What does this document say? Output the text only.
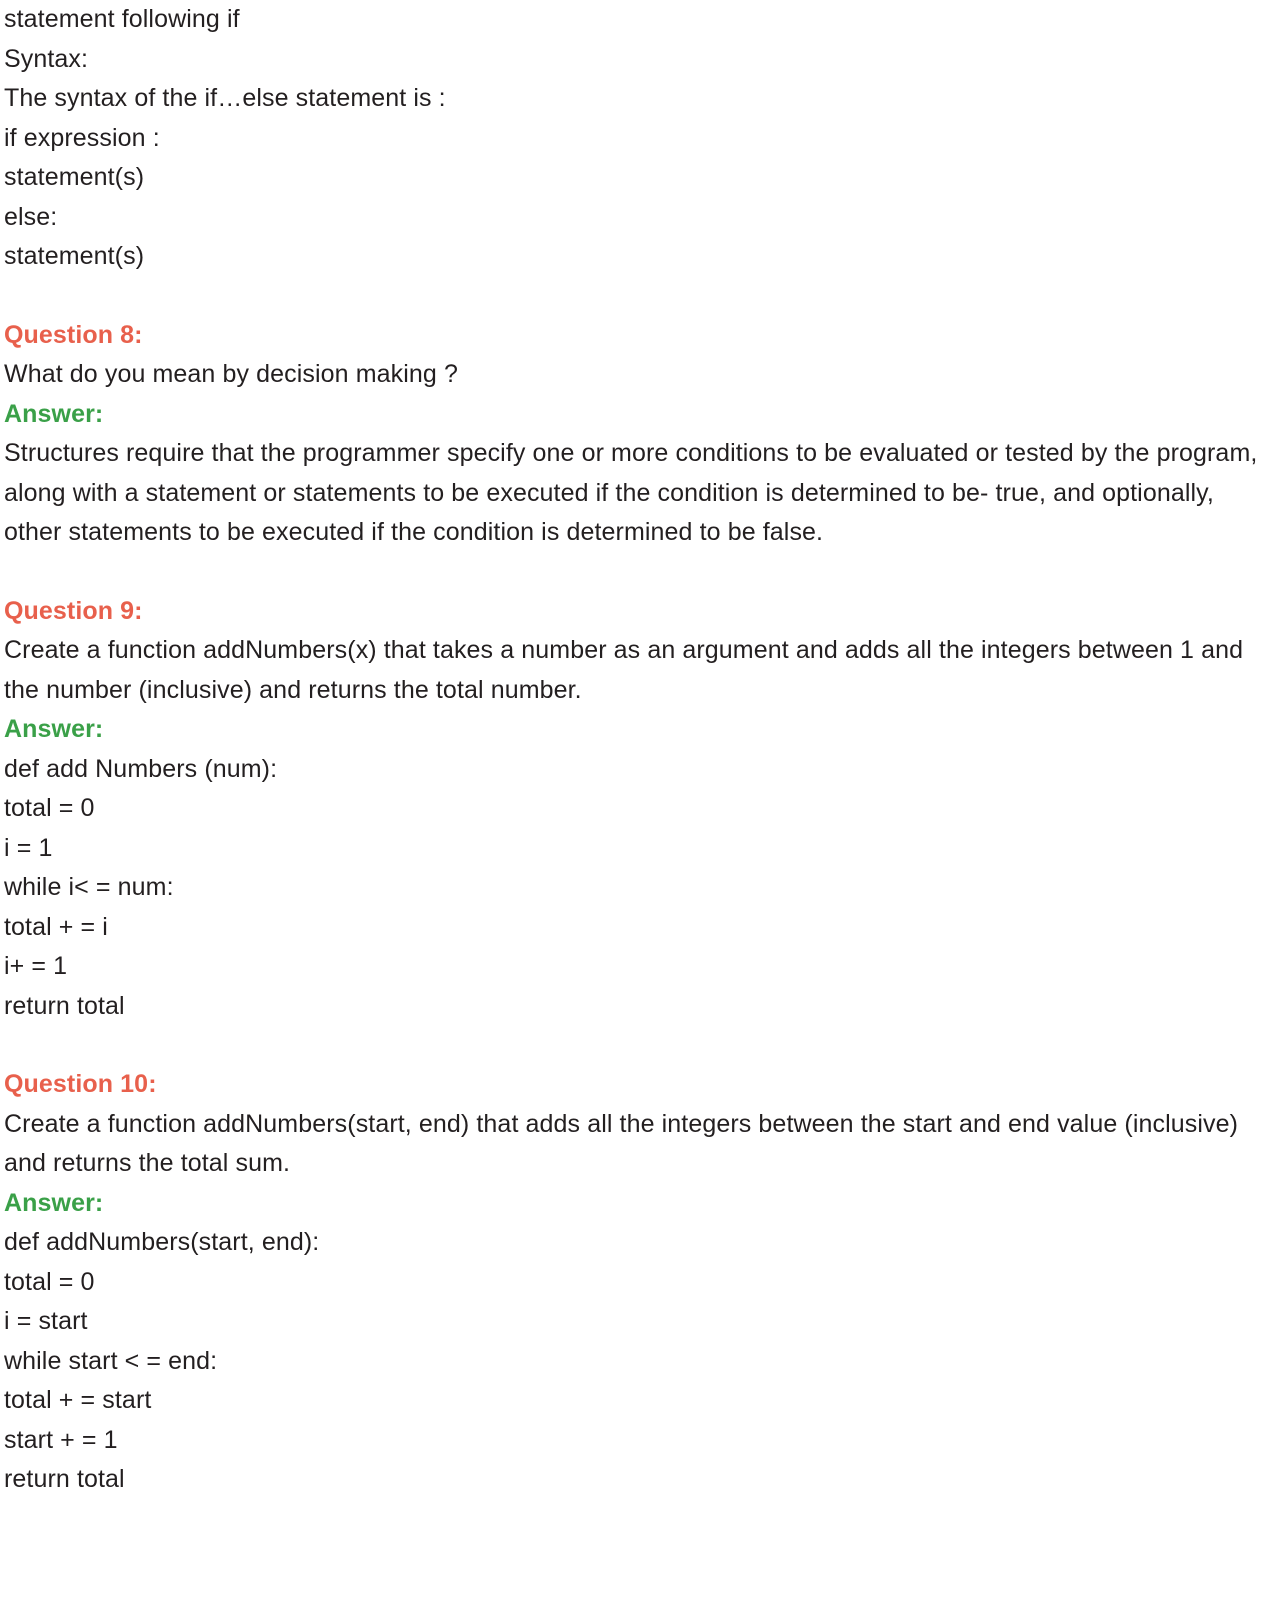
statement following if
Syntax:
The syntax of the if…else statement is :
if expression :
statement(s)
else:
statement(s)
Question 8:
What do you mean by decision making ?
Answer:

Structures require that the programmer specify one or more conditions to be evaluated or tested by the program, along with a statement or statements to be executed if the condition is determined to be- true, and optionally, other statements to be executed if the condition is determined to be false.

Question 9:

Create a function addNumbers(x) that takes a number as an argument and adds all the integers between 1 and the number (inclusive) and returns the total number.

Answer:
def add Numbers (num):
total = 0
i = 1
while i< = num:
total + = i
i+ = 1
return total
Question 10:

Create a function addNumbers(start, end) that adds all the integers between the start and end value (inclusive) and returns the total sum.

Answer:
def addNumbers(start, end):
total = 0
i = start
while start < = end:
total + = start
start + = 1
return total
